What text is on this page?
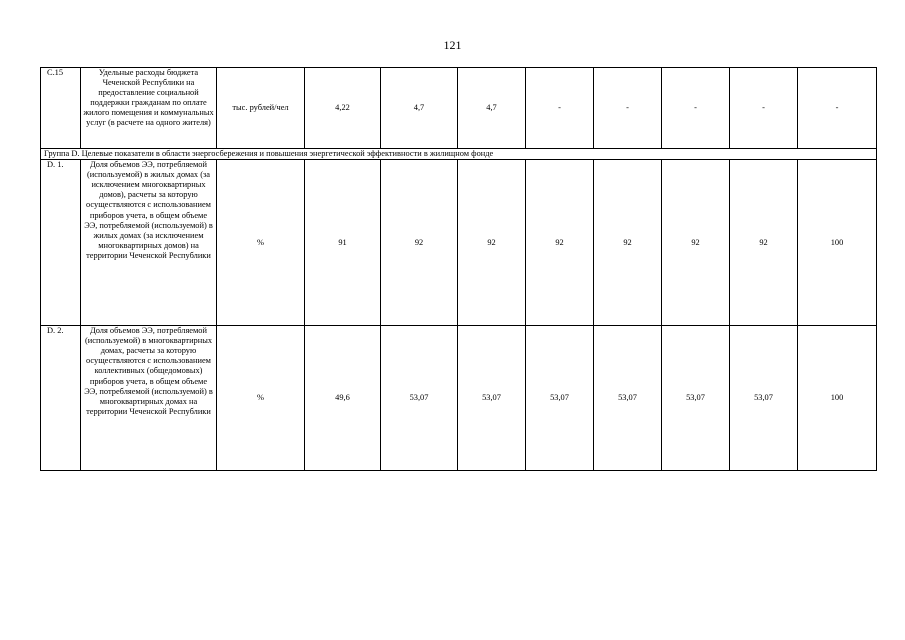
121
C.15	Удельные расходы бюджета Чеченской Республики на предоставление социальной поддержки гражданам по оплате жилого помещения и коммунальных услуг (в расчете на одного жителя)	тыс. рублей/чел	4,22	4,7	4,7	-	-	-	-	-
Группа D. Целевые показатели в области энергосбережения и повышения энергетической эффективности в жилищном фонде										
D. 1.	Доля объемов ЭЭ, потребляемой (используемой) в жилых домах (за исключением многоквартирных домов), расчеты за которую осуществляются с использованием приборов учета, в общем объеме ЭЭ, потребляемой (используемой) в жилых домах (за исключением многоквартирных домов) на территории Чеченской Республики	%	91	92	92	92	92	92	92	100
D. 2.	Доля объемов ЭЭ, потребляемой (используемой) в многоквартирных домах, расчеты за которую осуществляются с использованием коллективных (общедомовых) приборов учета, в общем объеме ЭЭ, потребляемой (используемой) в многоквартирных домах на территории Чеченской Республики	%	49,6	53,07	53,07	53,07	53,07	53,07	53,07	100
